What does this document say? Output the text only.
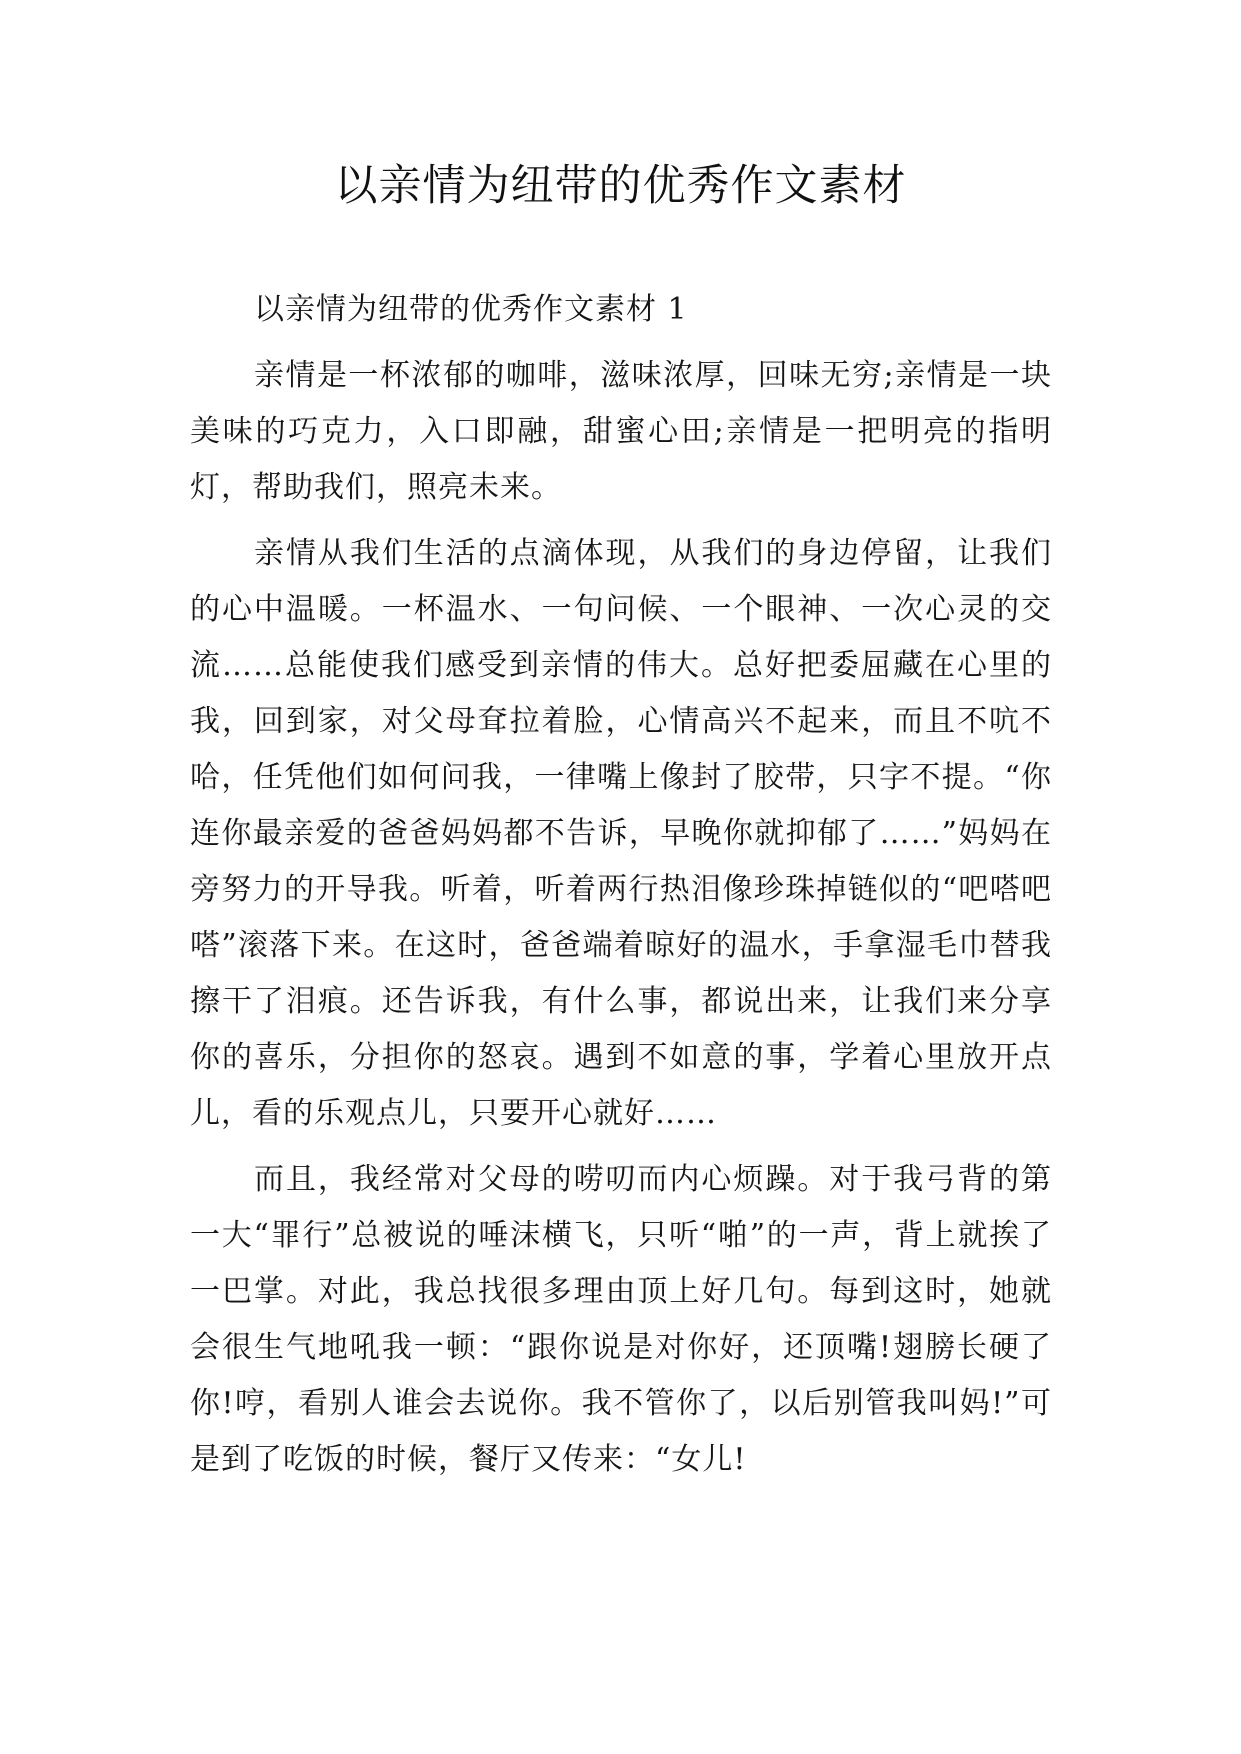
以亲情为纽带的优秀作文素材

以亲情为纽带的优秀作文素材 1

亲情是一杯浓郁的咖啡，滋味浓厚，回味无穷;亲情是一块美味的巧克力，入口即融，甜蜜心田;亲情是一把明亮的指明灯，帮助我们，照亮未来。

亲情从我们生活的点滴体现，从我们的身边停留，让我们的心中温暖。一杯温水、一句问候、一个眼神、一次心灵的交流……总能使我们感受到亲情的伟大。总好把委屈藏在心里的我，回到家，对父母耷拉着脸，心情高兴不起来，而且不吭不哈，任凭他们如何问我，一律嘴上像封了胶带，只字不提。“你连你最亲爱的爸爸妈妈都不告诉，早晚你就抑郁了……”妈妈在旁努力的开导我。听着，听着两行热泪像珍珠掉链似的“吧嗒吧嗒”滚落下来。在这时，爸爸端着晾好的温水，手拿湿毛巾替我擦干了泪痕。还告诉我，有什么事，都说出来，让我们来分享你的喜乐，分担你的怒哀。遇到不如意的事，学着心里放开点儿，看的乐观点儿，只要开心就好……

而且，我经常对父母的唠叨而内心烦躁。对于我弓背的第一大“罪行”总被说的唾沫横飞，只听“啪”的一声，背上就挨了一巴掌。对此，我总找很多理由顶上好几句。每到这时，她就会很生气地吼我一顿：“跟你说是对你好，还顶嘴!翅膀长硬了你!哼，看别人谁会去说你。我不管你了，以后别管我叫妈!”可是到了吃饭的时候，餐厅又传来：“女儿!
